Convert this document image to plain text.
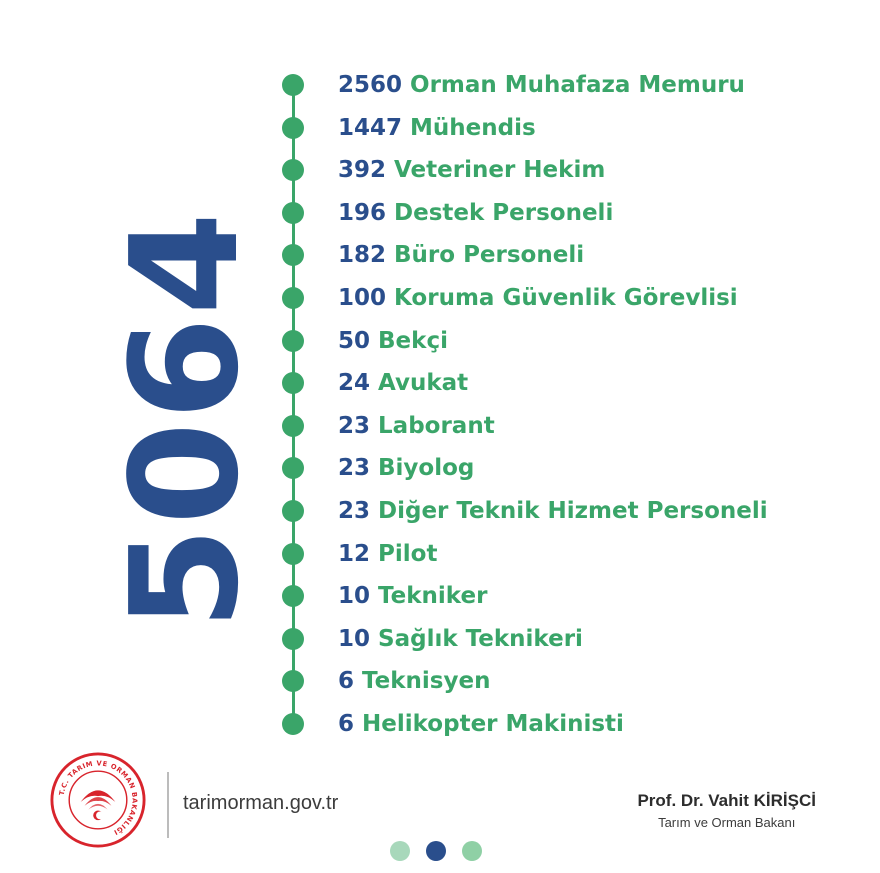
5064
2560 Orman Muhafaza Memuru
1447 Mühendis
392 Veteriner Hekim
196 Destek Personeli
182 Büro Personeli
100 Koruma Güvenlik Görevlisi
50 Bekçi
24 Avukat
23 Laborant
23 Biyolog
23 Diğer Teknik Hizmet Personeli
12 Pilot
10 Tekniker
10 Sağlık Teknikeri
6 Teknisyen
6 Helikopter Makinisti
T.C. TARIM VE ORMAN BAKANLIĞI
tarimorman.gov.tr	Prof. Dr. Vahit KİRİŞCİ
Tarım ve Orman Bakanı
